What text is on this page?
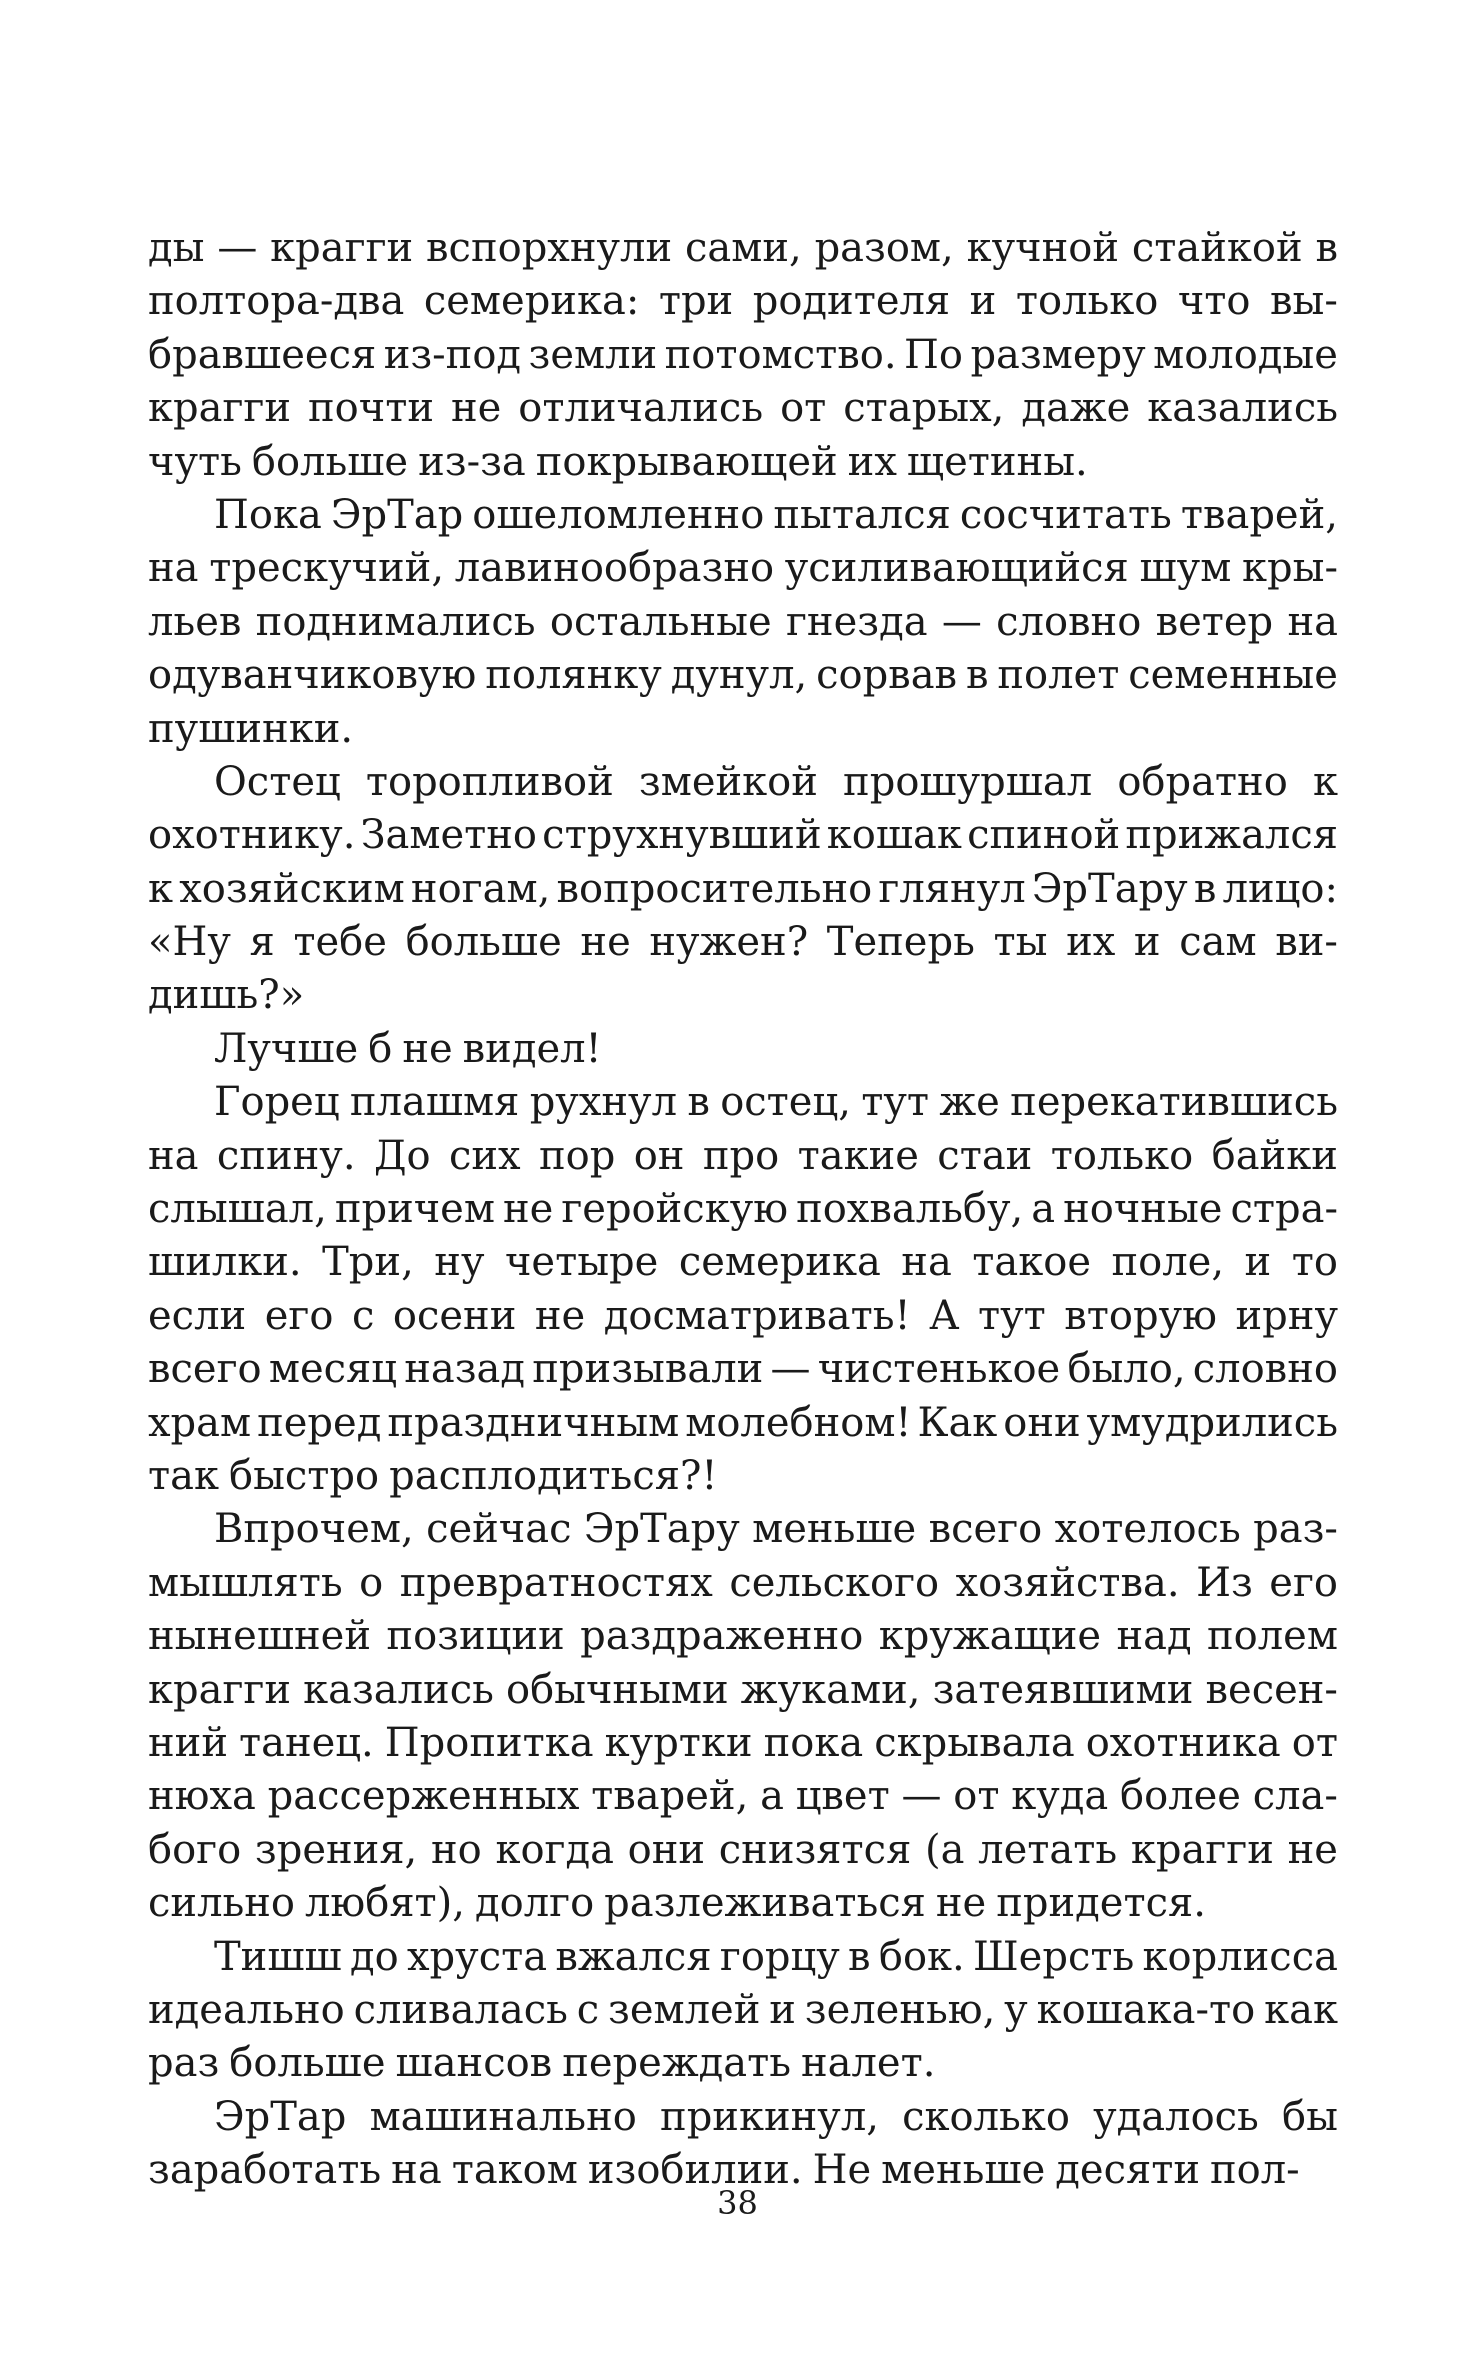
ды — крагги вспорхнули сами, разом, кучной стайкой в
полтора-два семерика: три родителя и только что вы-
бравшееся из-под земли потомство. По размеру молодые
крагги почти не отличались от старых, даже казались
чуть больше из-за покрывающей их щетины.
Пока ЭрТар ошеломленно пытался сосчитать тварей,
на трескучий, лавинообразно усиливающийся шум кры-
льев поднимались остальные гнезда — словно ветер на
одуванчиковую полянку дунул, сорвав в полет семенные
пушинки.
Остец торопливой змейкой прошуршал обратно к
охотнику. Заметно струхнувший кошак спиной прижался
к хозяйским ногам, вопросительно глянул ЭрТару в лицо:
«Ну я тебе больше не нужен? Теперь ты их и сам ви-
дишь?»
Лучше б не видел!
Горец плашмя рухнул в остец, тут же перекатившись
на спину. До сих пор он про такие стаи только байки
слышал, причем не геройскую похвальбу, а ночные стра-
шилки. Три, ну четыре семерика на такое поле, и то
если его с осени не досматривать! А тут вторую ирну
всего месяц назад призывали — чистенькое было, словно
храм перед праздничным молебном! Как они умудрились
так быстро расплодиться?!
Впрочем, сейчас ЭрТару меньше всего хотелось раз-
мышлять о превратностях сельского хозяйства. Из его
нынешней позиции раздраженно кружащие над полем
крагги казались обычными жуками, затеявшими весен-
ний танец. Пропитка куртки пока скрывала охотника от
нюха рассерженных тварей, а цвет — от куда более сла-
бого зрения, но когда они снизятся (а летать крагги не
сильно любят), долго разлеживаться не придется.
Тишш до хруста вжался горцу в бок. Шерсть корлисса
идеально сливалась с землей и зеленью, у кошака-то как
раз больше шансов переждать налет.
ЭрТар машинально прикинул, сколько удалось бы
заработать на таком изобилии. Не меньше десяти пол-
38
